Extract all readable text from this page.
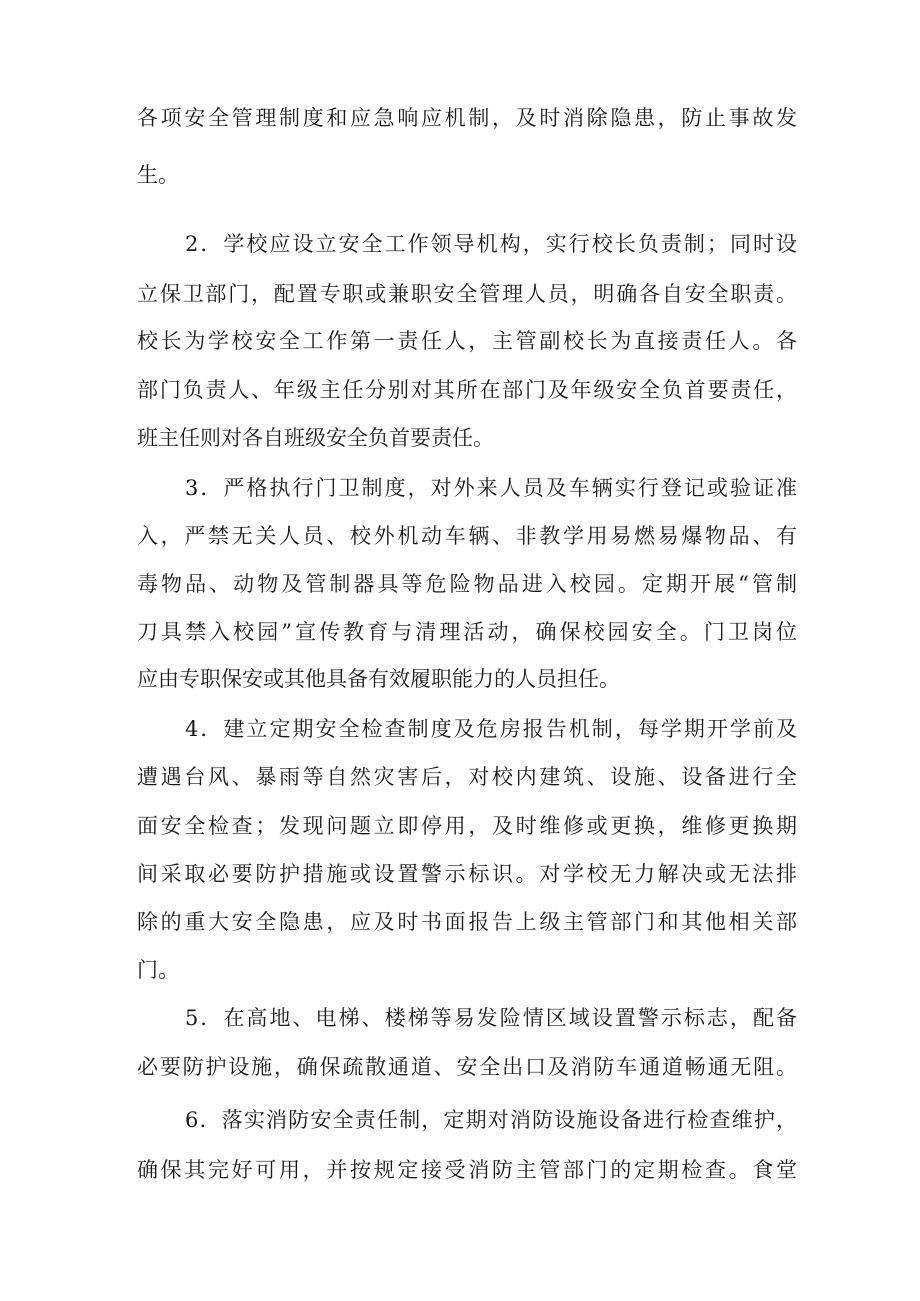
各项安全管理制度和应急响应机制，及时消除隐患，防止事故发

生。

2．学校应设立安全工作领导机构，实行校长负责制；同时设

立保卫部门，配置专职或兼职安全管理人员，明确各自安全职责。

校长为学校安全工作第一责任人，主管副校长为直接责任人。各

部门负责人、年级主任分别对其所在部门及年级安全负首要责任，

班主任则对各自班级安全负首要责任。

3．严格执行门卫制度，对外来人员及车辆实行登记或验证准

入，严禁无关人员、校外机动车辆、非教学用易燃易爆物品、有

毒物品、动物及管制器具等危险物品进入校园。定期开展“管制

刀具禁入校园”宣传教育与清理活动，确保校园安全。门卫岗位

应由专职保安或其他具备有效履职能力的人员担任。

4．建立定期安全检查制度及危房报告机制，每学期开学前及

遭遇台风、暴雨等自然灾害后，对校内建筑、设施、设备进行全

面安全检查；发现问题立即停用，及时维修或更换，维修更换期

间采取必要防护措施或设置警示标识。对学校无力解决或无法排

除的重大安全隐患，应及时书面报告上级主管部门和其他相关部

门。

5．在高地、电梯、楼梯等易发险情区域设置警示标志，配备

必要防护设施，确保疏散通道、安全出口及消防车通道畅通无阻。

6．落实消防安全责任制，定期对消防设施设备进行检查维护，

确保其完好可用，并按规定接受消防主管部门的定期检查。食堂
